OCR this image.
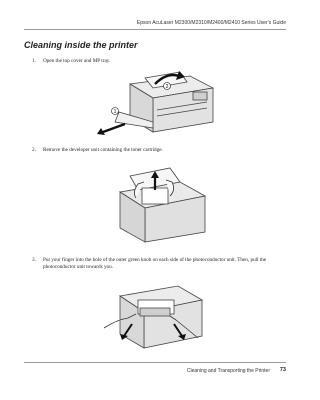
Epson AcuLaser M2300/M2310/M2400/M2410 Series User’s Guide
Cleaning inside the printer
1. Open the top cover and MP tray.
2
1
2. Remove the developer unit containing the toner cartridge.
3. Put your finger into the hole of the outer green knob on each side of the photoconductor unit. Then, pull the photoconductor unit towards you.
Cleaning and Transporting the Printer 73
